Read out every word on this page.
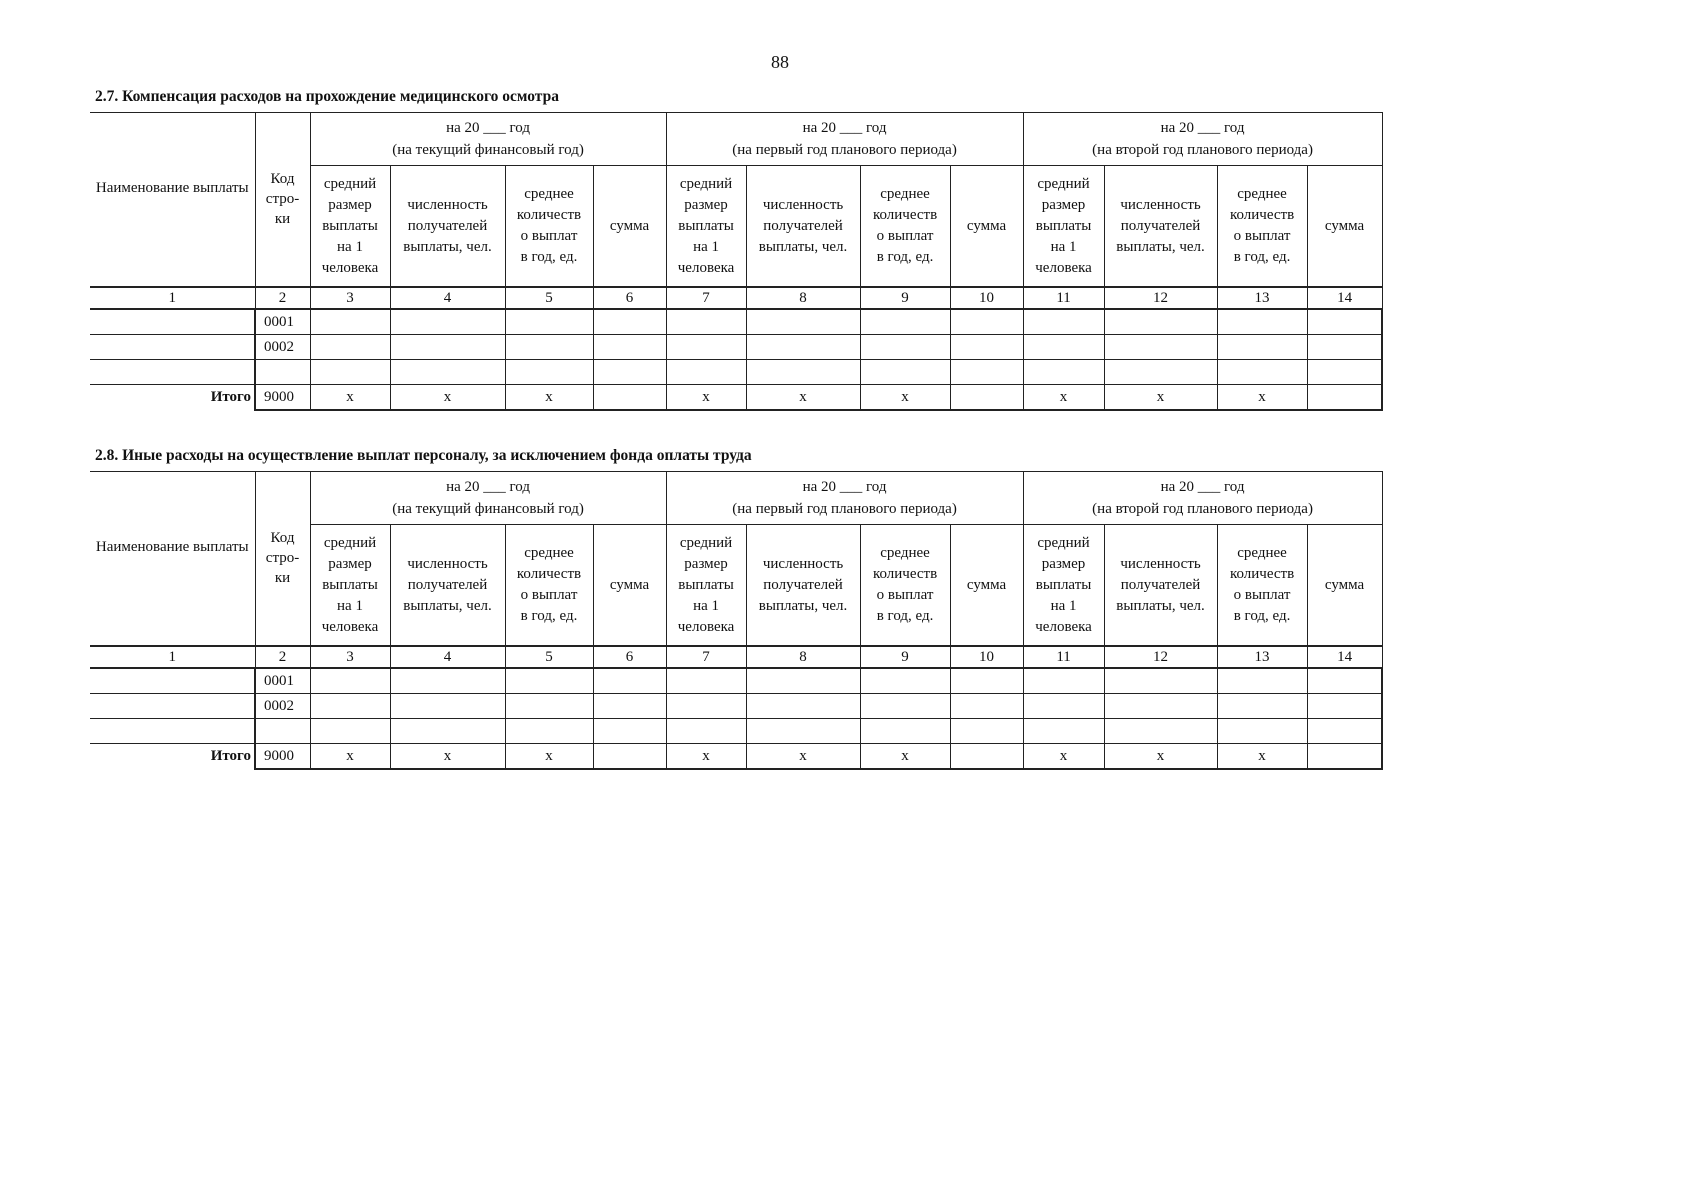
88
2.7. Компенсация расходов на прохождение медицинского осмотра
Наименование выплаты	Код
стро-
ки	на 20 ___ год
(на текущий финансовый год)				на 20 ___ год
(на первый год планового периода)				на 20 ___ год
(на второй год планового периода)			
		средний
размер
выплаты
на 1
человека	численность
получателей
выплаты, чел.	среднее
количеств
о выплат
в год, ед.	сумма	средний
размер
выплаты
на 1
человека	численность
получателей
выплаты, чел.	среднее
количеств
о выплат
в год, ед.	сумма	средний
размер
выплаты
на 1
человека	численность
получателей
выплаты, чел.	среднее
количеств
о выплат
в год, ед.	сумма
1	2	3	4	5	6	7	8	9	10	11	12	13	14
	0001												
	0002												

Итого	9000	x	x	x		x	x	x		x	x	x	
2.8. Иные расходы на осуществление выплат персоналу, за исключением фонда оплаты труда
Наименование выплаты	Код
стро-
ки	на 20 ___ год
(на текущий финансовый год)				на 20 ___ год
(на первый год планового периода)				на 20 ___ год
(на второй год планового периода)			
		средний
размер
выплаты
на 1
человека	численность
получателей
выплаты, чел.	среднее
количеств
о выплат
в год, ед.	сумма	средний
размер
выплаты
на 1
человека	численность
получателей
выплаты, чел.	среднее
количеств
о выплат
в год, ед.	сумма	средний
размер
выплаты
на 1
человека	численность
получателей
выплаты, чел.	среднее
количеств
о выплат
в год, ед.	сумма
1	2	3	4	5	6	7	8	9	10	11	12	13	14
	0001												
	0002												

Итого	9000	x	x	x		x	x	x		x	x	x	
